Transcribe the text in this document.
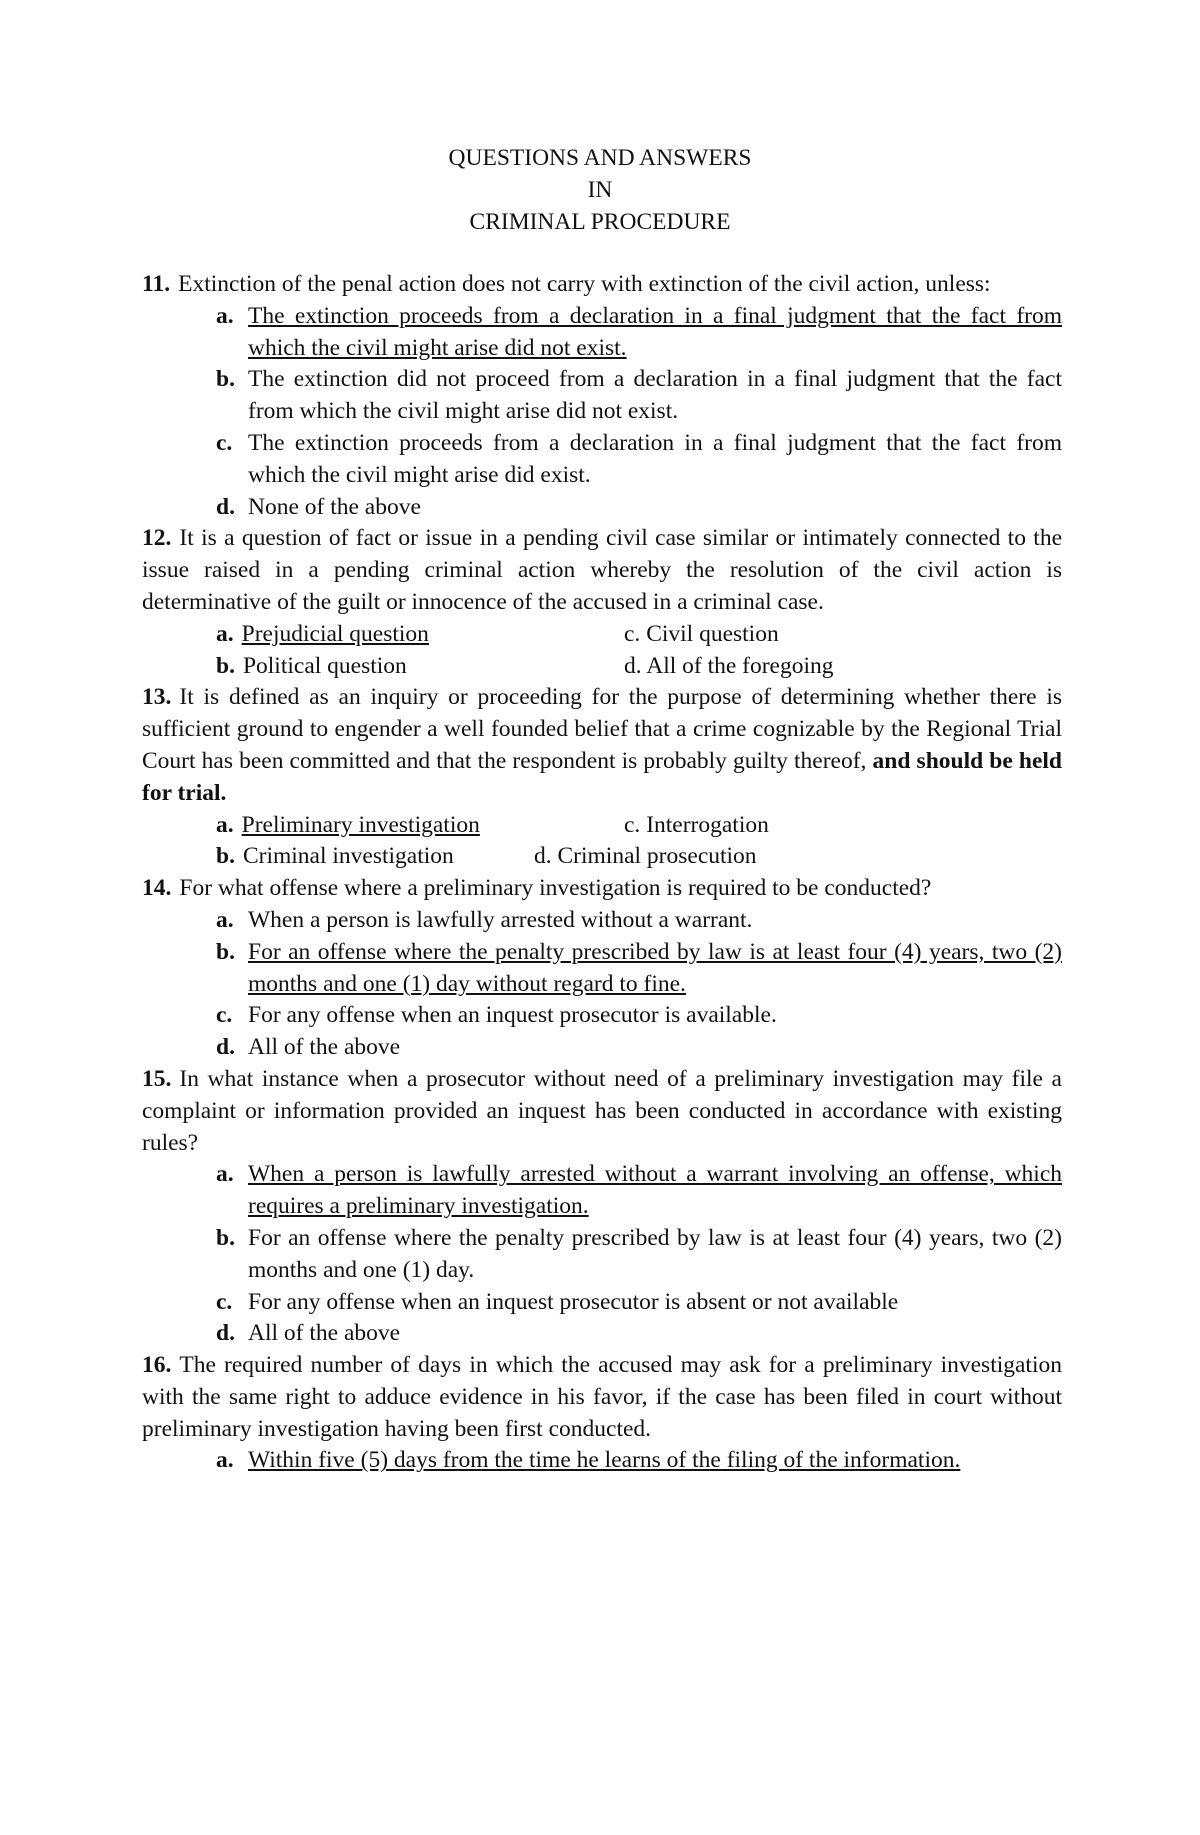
QUESTIONS AND ANSWERS
IN
CRIMINAL PROCEDURE
11. Extinction of the penal action does not carry with extinction of the civil action, unless:
a. The extinction proceeds from a declaration in a final judgment that the fact from which the civil might arise did not exist.
b. The extinction did not proceed from a declaration in a final judgment that the fact from which the civil might arise did not exist.
c. The extinction proceeds from a declaration in a final judgment that the fact from which the civil might arise did exist.
d. None of the above
12. It is a question of fact or issue in a pending civil case similar or intimately connected to the issue raised in a pending criminal action whereby the resolution of the civil action is determinative of the guilt or innocence of the accused in a criminal case.
a. Prejudicial question	c. Civil question
b. Political question	d. All of the foregoing
13. It is defined as an inquiry or proceeding for the purpose of determining whether there is sufficient ground to engender a well founded belief that a crime cognizable by the Regional Trial Court has been committed and that the respondent is probably guilty thereof, and should be held for trial.
a. Preliminary investigation	c. Interrogation
b. Criminal investigation	d. Criminal prosecution
14. For what offense where a preliminary investigation is required to be conducted?
a. When a person is lawfully arrested without a warrant.
b. For an offense where the penalty prescribed by law is at least four (4) years, two (2) months and one (1) day without regard to fine.
c. For any offense when an inquest prosecutor is available.
d. All of the above
15. In what instance when a prosecutor without need of a preliminary investigation may file a complaint or information provided an inquest has been conducted in accordance with existing rules?
a. When a person is lawfully arrested without a warrant involving an offense, which requires a preliminary investigation.
b. For an offense where the penalty prescribed by law is at least four (4) years, two (2) months and one (1) day.
c. For any offense when an inquest prosecutor is absent or not available
d. All of the above
16. The required number of days in which the accused may ask for a preliminary investigation with the same right to adduce evidence in his favor, if the case has been filed in court without preliminary investigation having been first conducted.
a. Within five (5) days from the time he learns of the filing of the information.
